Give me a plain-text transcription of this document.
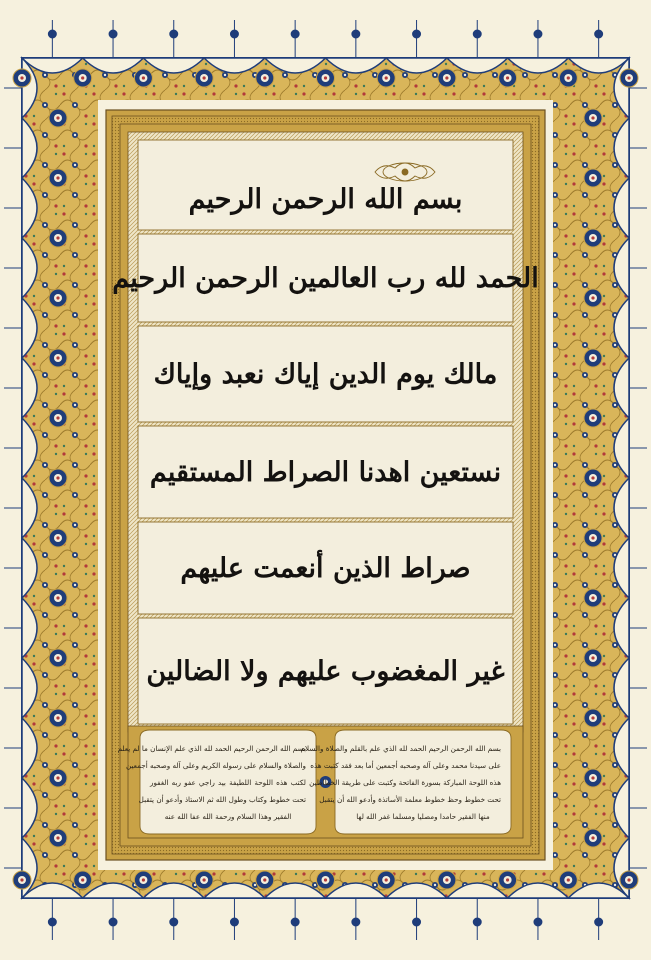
بسم الله الرحمن الرحيم
الحمد لله رب العالمين الرحمن الرحيم
مالك يوم الدين إياك نعبد وإياك
نستعين اهدنا الصراط المستقيم
صراط الذين أنعمت عليهم
غير المغضوب عليهم ولا الضالين
بسم الله الرحمن الرحيم الحمد لله الذي علم بالقلم والصلاة والسلام
على سيدنا محمد وعلى آله وصحبه أجمعين أما بعد فقد كتبت هذه
هذه اللوحة المباركة بسورة الفاتحة وكتبت على طريقة الخطاطين
تحت خطوط وحظ خطوط معلمة الأساتذة وأدعو الله أن يتقبل
منها الفقير حامدا ومصليا ومسلما غفر الله لها
بسم الله الرحمن الرحيم الحمد لله الذي علم الإنسان ما لم يعلم
والصلاة والسلام على رسوله الكريم وعلى آله وصحبه أجمعين
لكتب هذه اللوحة اللطيفة بيد راجي عفو ربه الغفور
تحت خطوط وكتاب وطول الله ثم الاستاذ وأدعو أن يتقبل
الفقير وهذا السلام ورحمة الله عفا الله عنه
